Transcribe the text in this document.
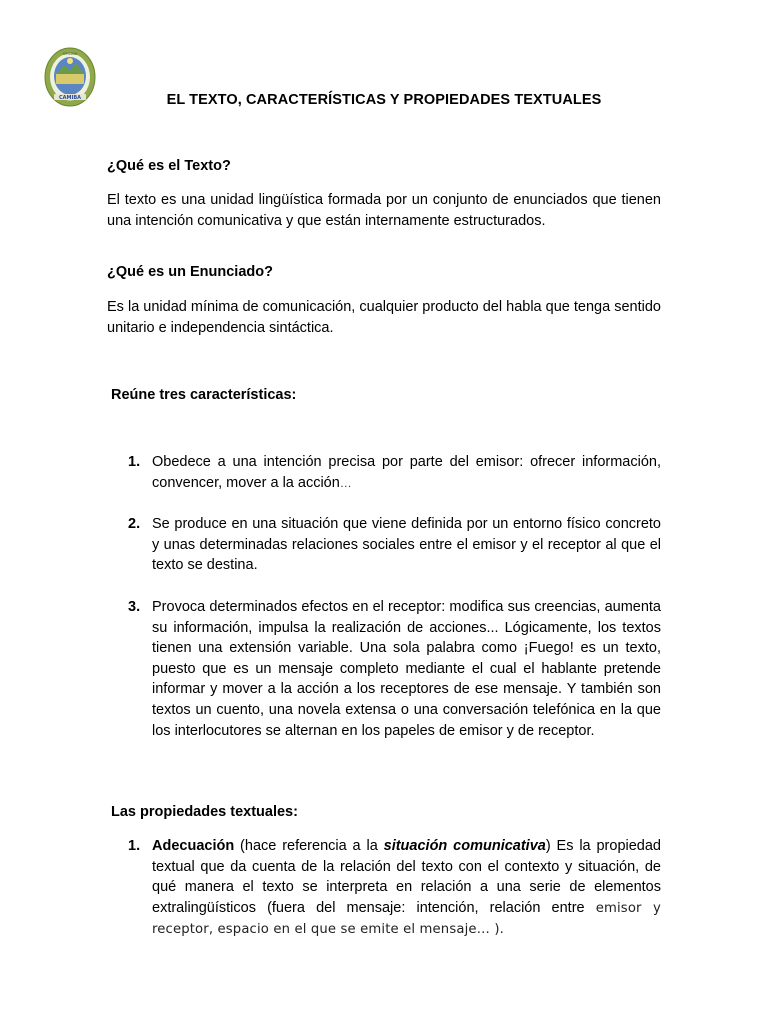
CAMIBA
OFICINA
EL TEXTO, CARACTERÍSTICAS Y PROPIEDADES TEXTUALES
¿Qué es el Texto?

El texto es una unidad lingüística formada por un conjunto de enunciados que tienen una intención comunicativa y que están internamente estructurados.

¿Qué es un Enunciado?

Es la unidad mínima de comunicación, cualquier producto del habla que tenga sentido unitario e independencia sintáctica.

Reúne tres características:
1. Obedece a una intención precisa por parte del emisor: ofrecer información, convencer, mover a la acción…
2. Se produce en una situación que viene definida por un entorno físico concreto y unas determinadas relaciones sociales entre el emisor y el receptor al que el texto se destina.
3. Provoca determinados efectos en el receptor: modifica sus creencias, aumenta su información, impulsa la realización de acciones... Lógicamente, los textos tienen una extensión variable. Una sola palabra como ¡Fuego! es un texto, puesto que es un mensaje completo mediante el cual el hablante pretende informar y mover a la acción a los receptores de ese mensaje. Y también son textos un cuento, una novela extensa o una conversación telefónica en la que los interlocutores se alternan en los papeles de emisor y de receptor.
Las propiedades textuales:
1. Adecuación (hace referencia a la situación comunicativa) Es la propiedad textual que da cuenta de la relación del texto con el contexto y situación, de qué manera el texto se interpreta en relación a una serie de elementos extralingüísticos (fuera del mensaje: intención, relación entre emisor y receptor, espacio en el que se emite el mensaje… ).
